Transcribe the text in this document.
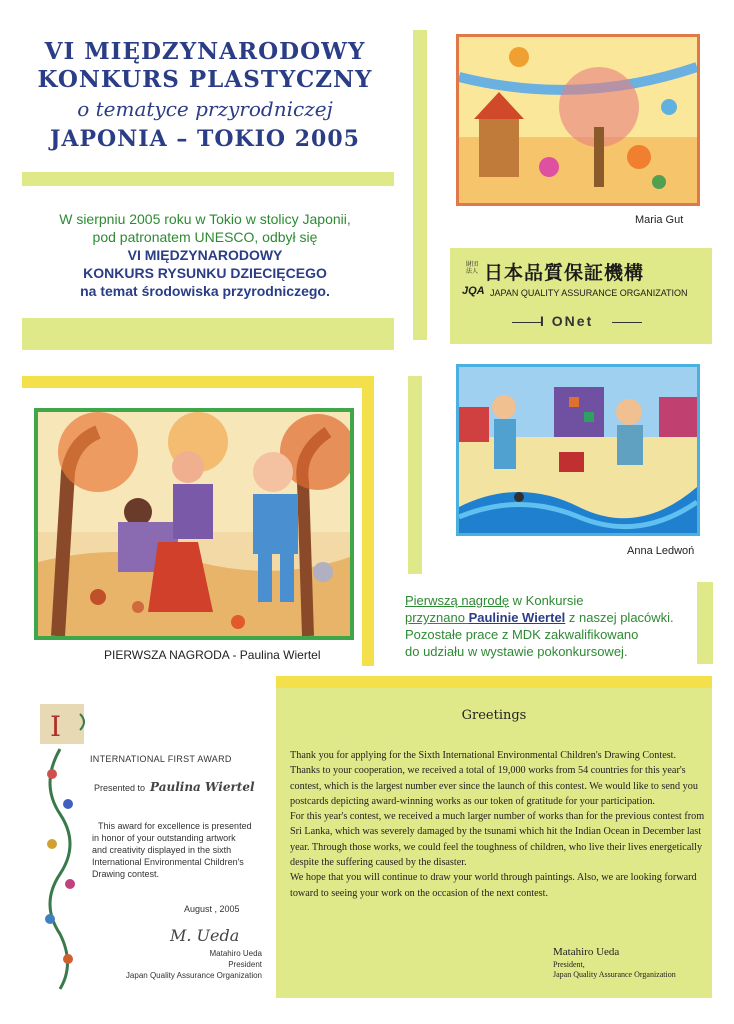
VI MIĘDZYNARODOWY
KONKURS PLASTYCZNY
o tematyce przyrodniczej
JAPONIA – TOKIO 2005
W sierpniu 2005 roku w Tokio w stolicy Japonii,
pod patronatem UNESCO, odbył się
VI MIĘDZYNARODOWY
KONKURS RYSUNKU DZIECIĘCEGO
na temat środowiska przyrodniczego.
PIERWSZA NAGRODA - Paulina Wiertel
Maria Gut
財団法人 日本品質保証機構
JQA JAPAN QUALITY ASSURANCE ORGANIZATION
I ONet
Anna Ledwoń
Pierwszą nagrodę w Konkursie
przyznano Paulinie Wiertel z naszej placówki.
Pozostałe prace z MDK zakwalifikowano
do udziału w wystawie pokonkursowej.
I
INTERNATIONAL FIRST AWARD
Presented to Paulina Wiertel
This award for excellence is presented
in honor of your outstanding artwork
and creativity displayed in the sixth
International Environmental Children's
Drawing contest.
August , 2005
M. Ueda
Matahiro Ueda
President
Japan Quality Assurance Organization
Greetings

Thank you for applying for the Sixth International Environmental Children's Drawing Contest. Thanks to your cooperation, we received a total of 19,000 works from 54 countries for this year's contest, which is the largest number ever since the launch of this contest. We would like to send you postcards depicting award-winning works as our token of gratitude for your participation.

For this year's contest, we received a much larger number of works than for the previous contest from Sri Lanka, which was severely damaged by the tsunami which hit the Indian Ocean in December last year. Through those works, we could feel the toughness of children, who live their lives energetically despite the suffering caused by the disaster.

We hope that you will continue to draw your world through paintings. Also, we are looking forward toward to seeing your work on the occasion of the next contest.

Matahiro Ueda
President,
Japan Quality Assurance Organization
